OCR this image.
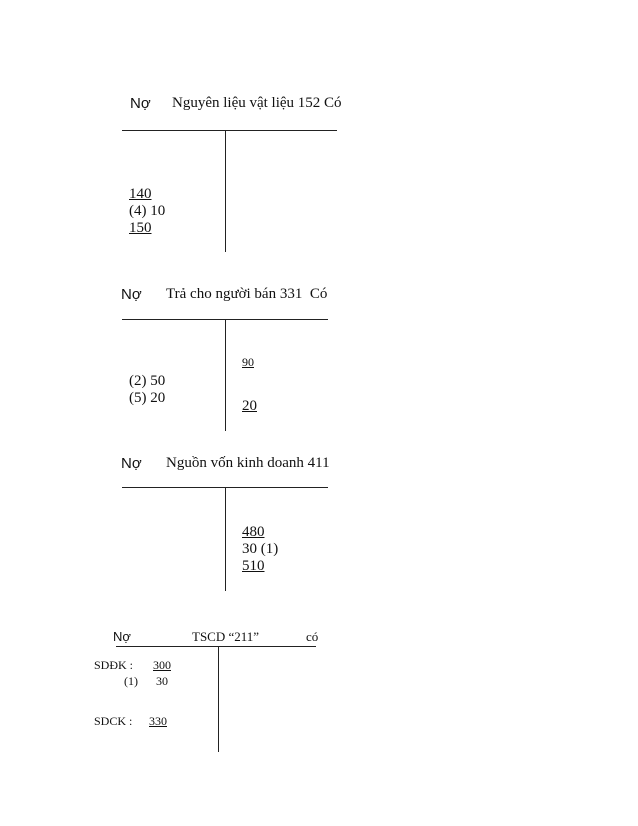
Nợ Nguyên liệu vật liệu 152 Có
140
(4) 10
150
Nợ Trả cho người bán 331  Có
(2) 50
(5) 20
90
20
Nợ Nguồn vốn kinh doanh 411
480
30 (1)
510
Nợ	TSCD “211”	có
SDĐK : 300
(1) 30
SDCK : 330
